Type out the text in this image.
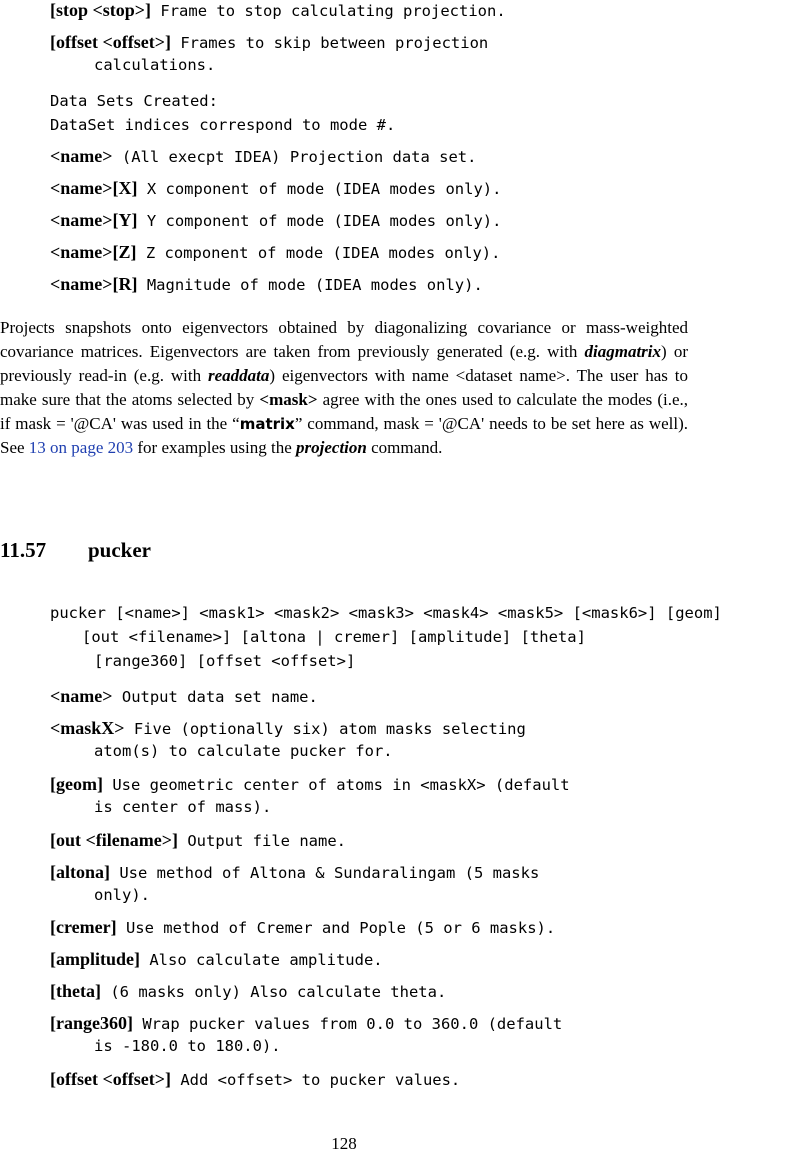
[stop <stop>] Frame to stop calculating projection.
[offset <offset>] Frames to skip between projection
calculations.
Data Sets Created:
DataSet indices correspond to mode #.
<name> (All execpt IDEA) Projection data set.
<name>[X] X component of mode (IDEA modes only).
<name>[Y] Y component of mode (IDEA modes only).
<name>[Z] Z component of mode (IDEA modes only).
<name>[R] Magnitude of mode (IDEA modes only).
Projects snapshots onto eigenvectors obtained by diagonalizing covariance or mass-weighted covariance matrices. Eigenvectors are taken from previously generated (e.g. with diagmatrix) or previously read-in (e.g. with readdata) eigenvectors with name <dataset name>. The user has to make sure that the atoms selected by <mask> agree with the ones used to calculate the modes (i.e., if mask = '@CA' was used in the “matrix” command, mask = '@CA' needs to be set here as well). See 13 on page 203 for examples using the projection command.
11.57 pucker
pucker [<name>] <mask1> <mask2> <mask3> <mask4> <mask5> [<mask6>] [geom]
[out <filename>] [altona | cremer] [amplitude] [theta]
[range360] [offset <offset>]
<name> Output data set name.
<maskX> Five (optionally six) atom masks selecting
atom(s) to calculate pucker for.
[geom] Use geometric center of atoms in <maskX> (default
is center of mass).
[out <filename>] Output file name.
[altona] Use method of Altona & Sundaralingam (5 masks
only).
[cremer] Use method of Cremer and Pople (5 or 6 masks).
[amplitude] Also calculate amplitude.
[theta] (6 masks only) Also calculate theta.
[range360] Wrap pucker values from 0.0 to 360.0 (default
is -180.0 to 180.0).
[offset <offset>] Add <offset> to pucker values.
128
